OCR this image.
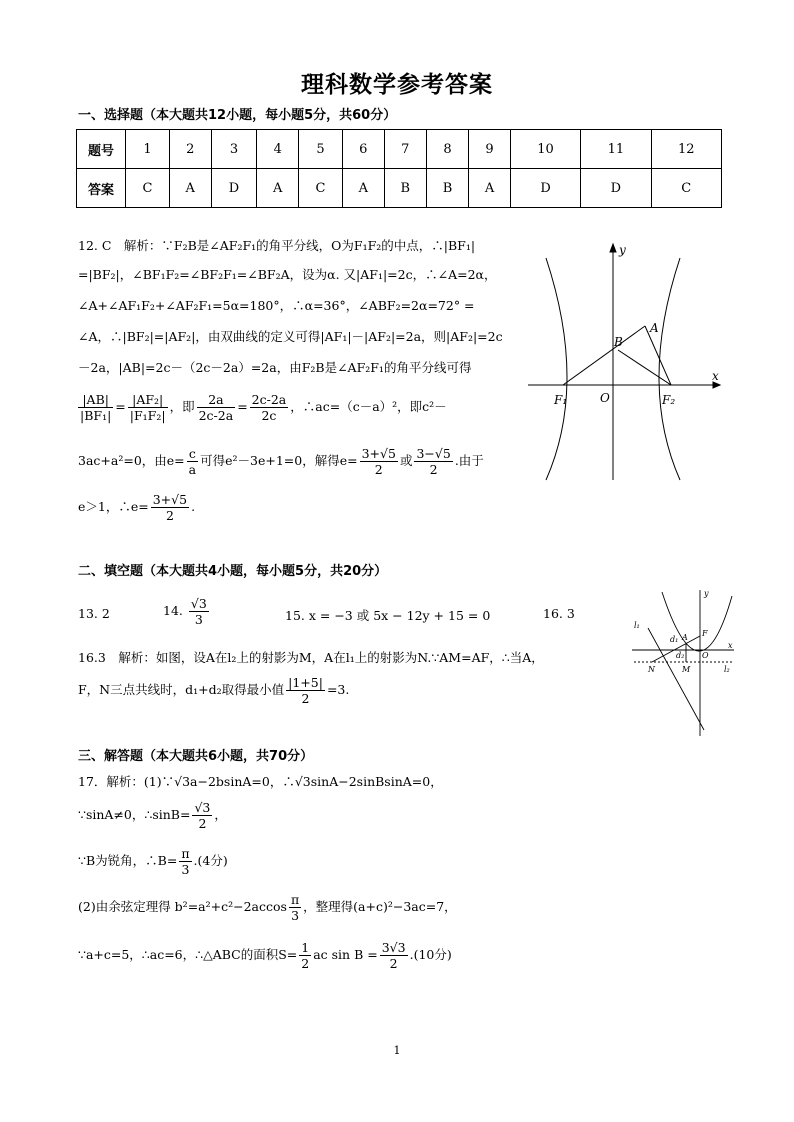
理科数学参考答案
一、选择题（本大题共12小题，每小题5分，共60分）
题号	1	2	3	4	5	6	7	8	9	10	11	12
答案	C	A	D	A	C	A	B	B	A	D	D	C
12. C　解析：∵F₂B是∠AF₂F₁的角平分线，O为F₁F₂的中点，∴|BF₁|
=|BF₂|，∠BF₁F₂=∠BF₂F₁=∠BF₂A，设为α. 又|AF₁|=2c，∴∠A=2α，
∠A+∠AF₁F₂+∠AF₂F₁=5α=180°，∴α=36°，∠ABF₂=2α=72° =
∠A，∴|BF₂|=|AF₂|，由双曲线的定义可得|AF₁|－|AF₂|=2a，则|AF₂|=2c
－2a，|AB|=2c－（2c－2a）=2a，由F₂B是∠AF₂F₁的角平分线可得
$\frac{|AB|}{\text{|BF₁|}} = \frac{\text{|AF₂|}}{\text{|F₁F₂|}}$ ，即 $\frac{2a}{2c-2a} = \frac{2c-2a}{2c}$ ，∴ac=（c－a）²，即c²－
3ac+a²=0，由$e= \frac{c}{a}$ 可得e²－3e+1=0，解得$e= \frac{3+√5}{2}$ 或 $\frac{3-√5}{2}$ .由于
e＞1，∴e= $\frac{3+√5}{2}$ .
y
x
A
B
F₁	O	F₂
二、填空题（本大题共4小题，每小题5分，共20分）
13. 2	14. $\frac{√3}{3}$	15. x = −3 或 5x − 12y + 15 = 0	16. 3
16.3　解析：如图，设A在l₂上的射影为M，A在l₁上的射影为N.∵AM=AF，∴当A，
F，N三点共线时，d₁+d₂取得最小值 $\frac{|1+5|}{2} =3$.
y
l₁
l₂
d₁
d₂
A F
N	M
O
x
三、解答题（本大题共6小题，共70分）
17．解析：(1)∵√3a−2bsinA=0，∴√3sinA−2sinBsinA=0，
∵sinA≠0，∴sinB= $\frac{√3}{2}$ ，
∵B为锐角，∴B= $\frac{\pi}{3} .(4$分)
(2)由余弦定理得 $b^2=a^2+c^2-2accos \frac{\pi}{3}$ ，整理得(a+c)²−3ac=7，
∵a+c=5，∴ac=6，∴△ABC的面积$S= \frac{1}{2}$ ac $\sin B = \frac{3√3}{2} .(10$分)
1
